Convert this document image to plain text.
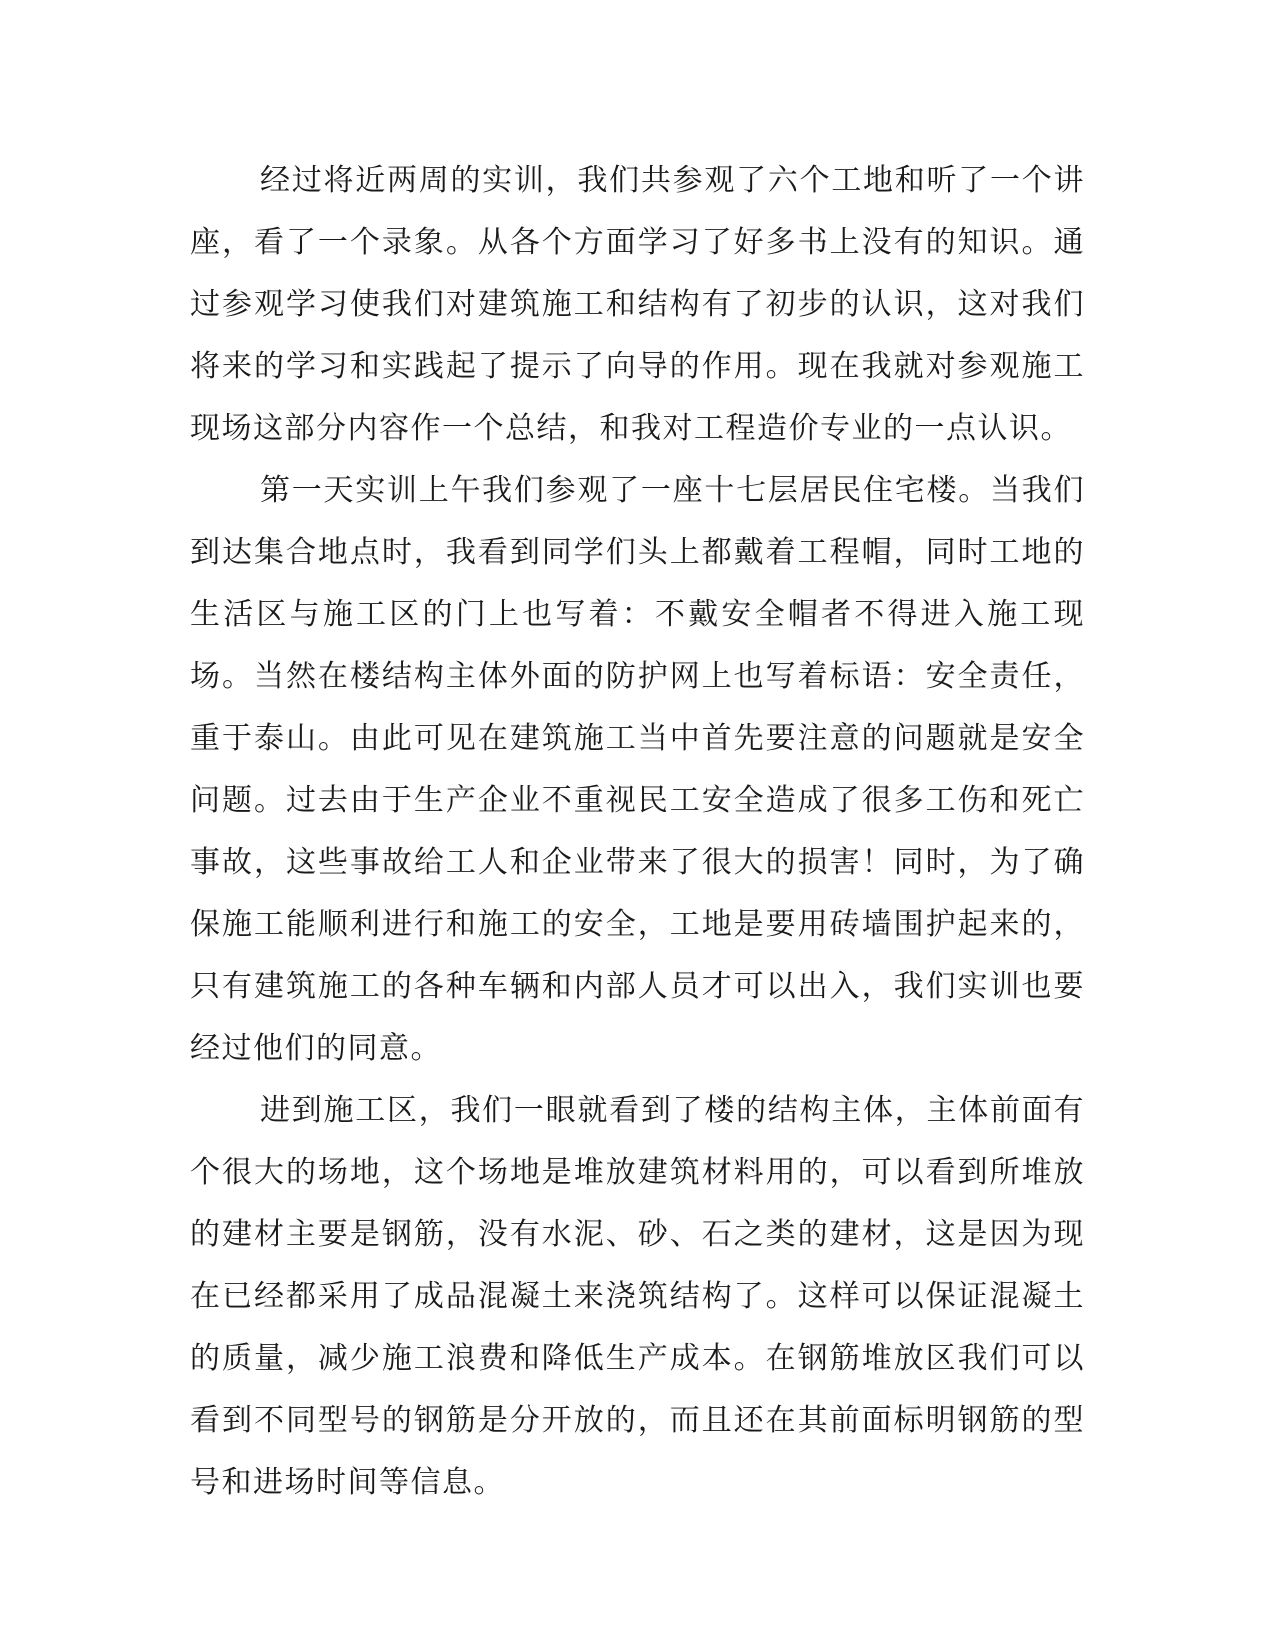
经过将近两周的实训，我们共参观了六个工地和听了一个讲座，看了一个录象。从各个方面学习了好多书上没有的知识。通过参观学习使我们对建筑施工和结构有了初步的认识，这对我们将来的学习和实践起了提示了向导的作用。现在我就对参观施工现场这部分内容作一个总结，和我对工程造价专业的一点认识。

第一天实训上午我们参观了一座十七层居民住宅楼。当我们到达集合地点时，我看到同学们头上都戴着工程帽，同时工地的生活区与施工区的门上也写着：不戴安全帽者不得进入施工现场。当然在楼结构主体外面的防护网上也写着标语：安全责任，重于泰山。由此可见在建筑施工当中首先要注意的问题就是安全问题。过去由于生产企业不重视民工安全造成了很多工伤和死亡事故，这些事故给工人和企业带来了很大的损害！同时，为了确保施工能顺利进行和施工的安全，工地是要用砖墙围护起来的，只有建筑施工的各种车辆和内部人员才可以出入，我们实训也要经过他们的同意。

进到施工区，我们一眼就看到了楼的结构主体，主体前面有个很大的场地，这个场地是堆放建筑材料用的，可以看到所堆放的建材主要是钢筋，没有水泥、砂、石之类的建材，这是因为现在已经都采用了成品混凝土来浇筑结构了。这样可以保证混凝土的质量，减少施工浪费和降低生产成本。在钢筋堆放区我们可以看到不同型号的钢筋是分开放的，而且还在其前面标明钢筋的型号和进场时间等信息。
